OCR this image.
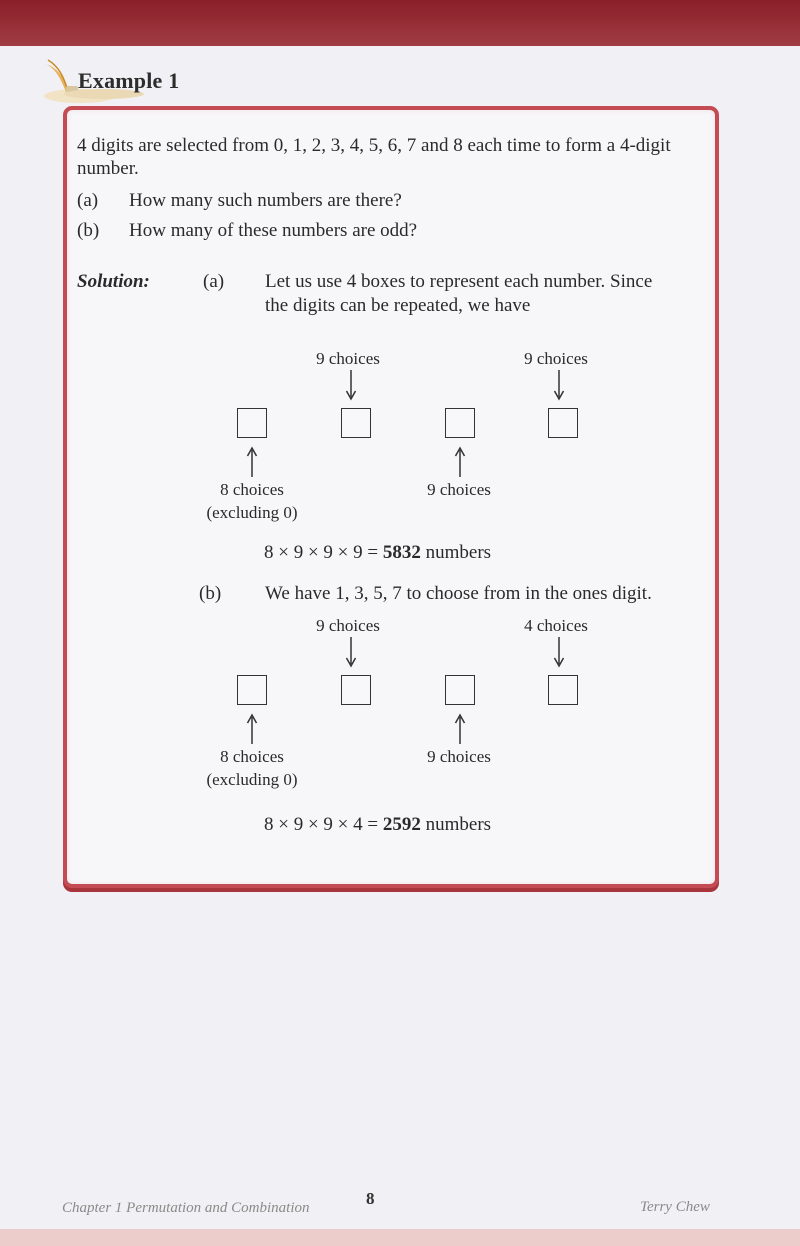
Example 1
4 digits are selected from 0, 1, 2, 3, 4, 5, 6, 7 and 8 each time to form a 4-digit
number.
(a) How many such numbers are there?
(b) How many of these numbers are odd?
Solution:	(a) Let us use 4 boxes to represent each number. Since
the digits can be repeated, we have
9 choices	9 choices
8 choices
(excluding 0)
9 choices
8 × 9 × 9 × 9 = 5832 numbers
(b) We have 1, 3, 5, 7 to choose from in the ones digit.
9 choices	4 choices
8 choices
(excluding 0)
9 choices
8 × 9 × 9 × 4 = 2592 numbers
Chapter 1 Permutation and Combination	8	Terry Chew
